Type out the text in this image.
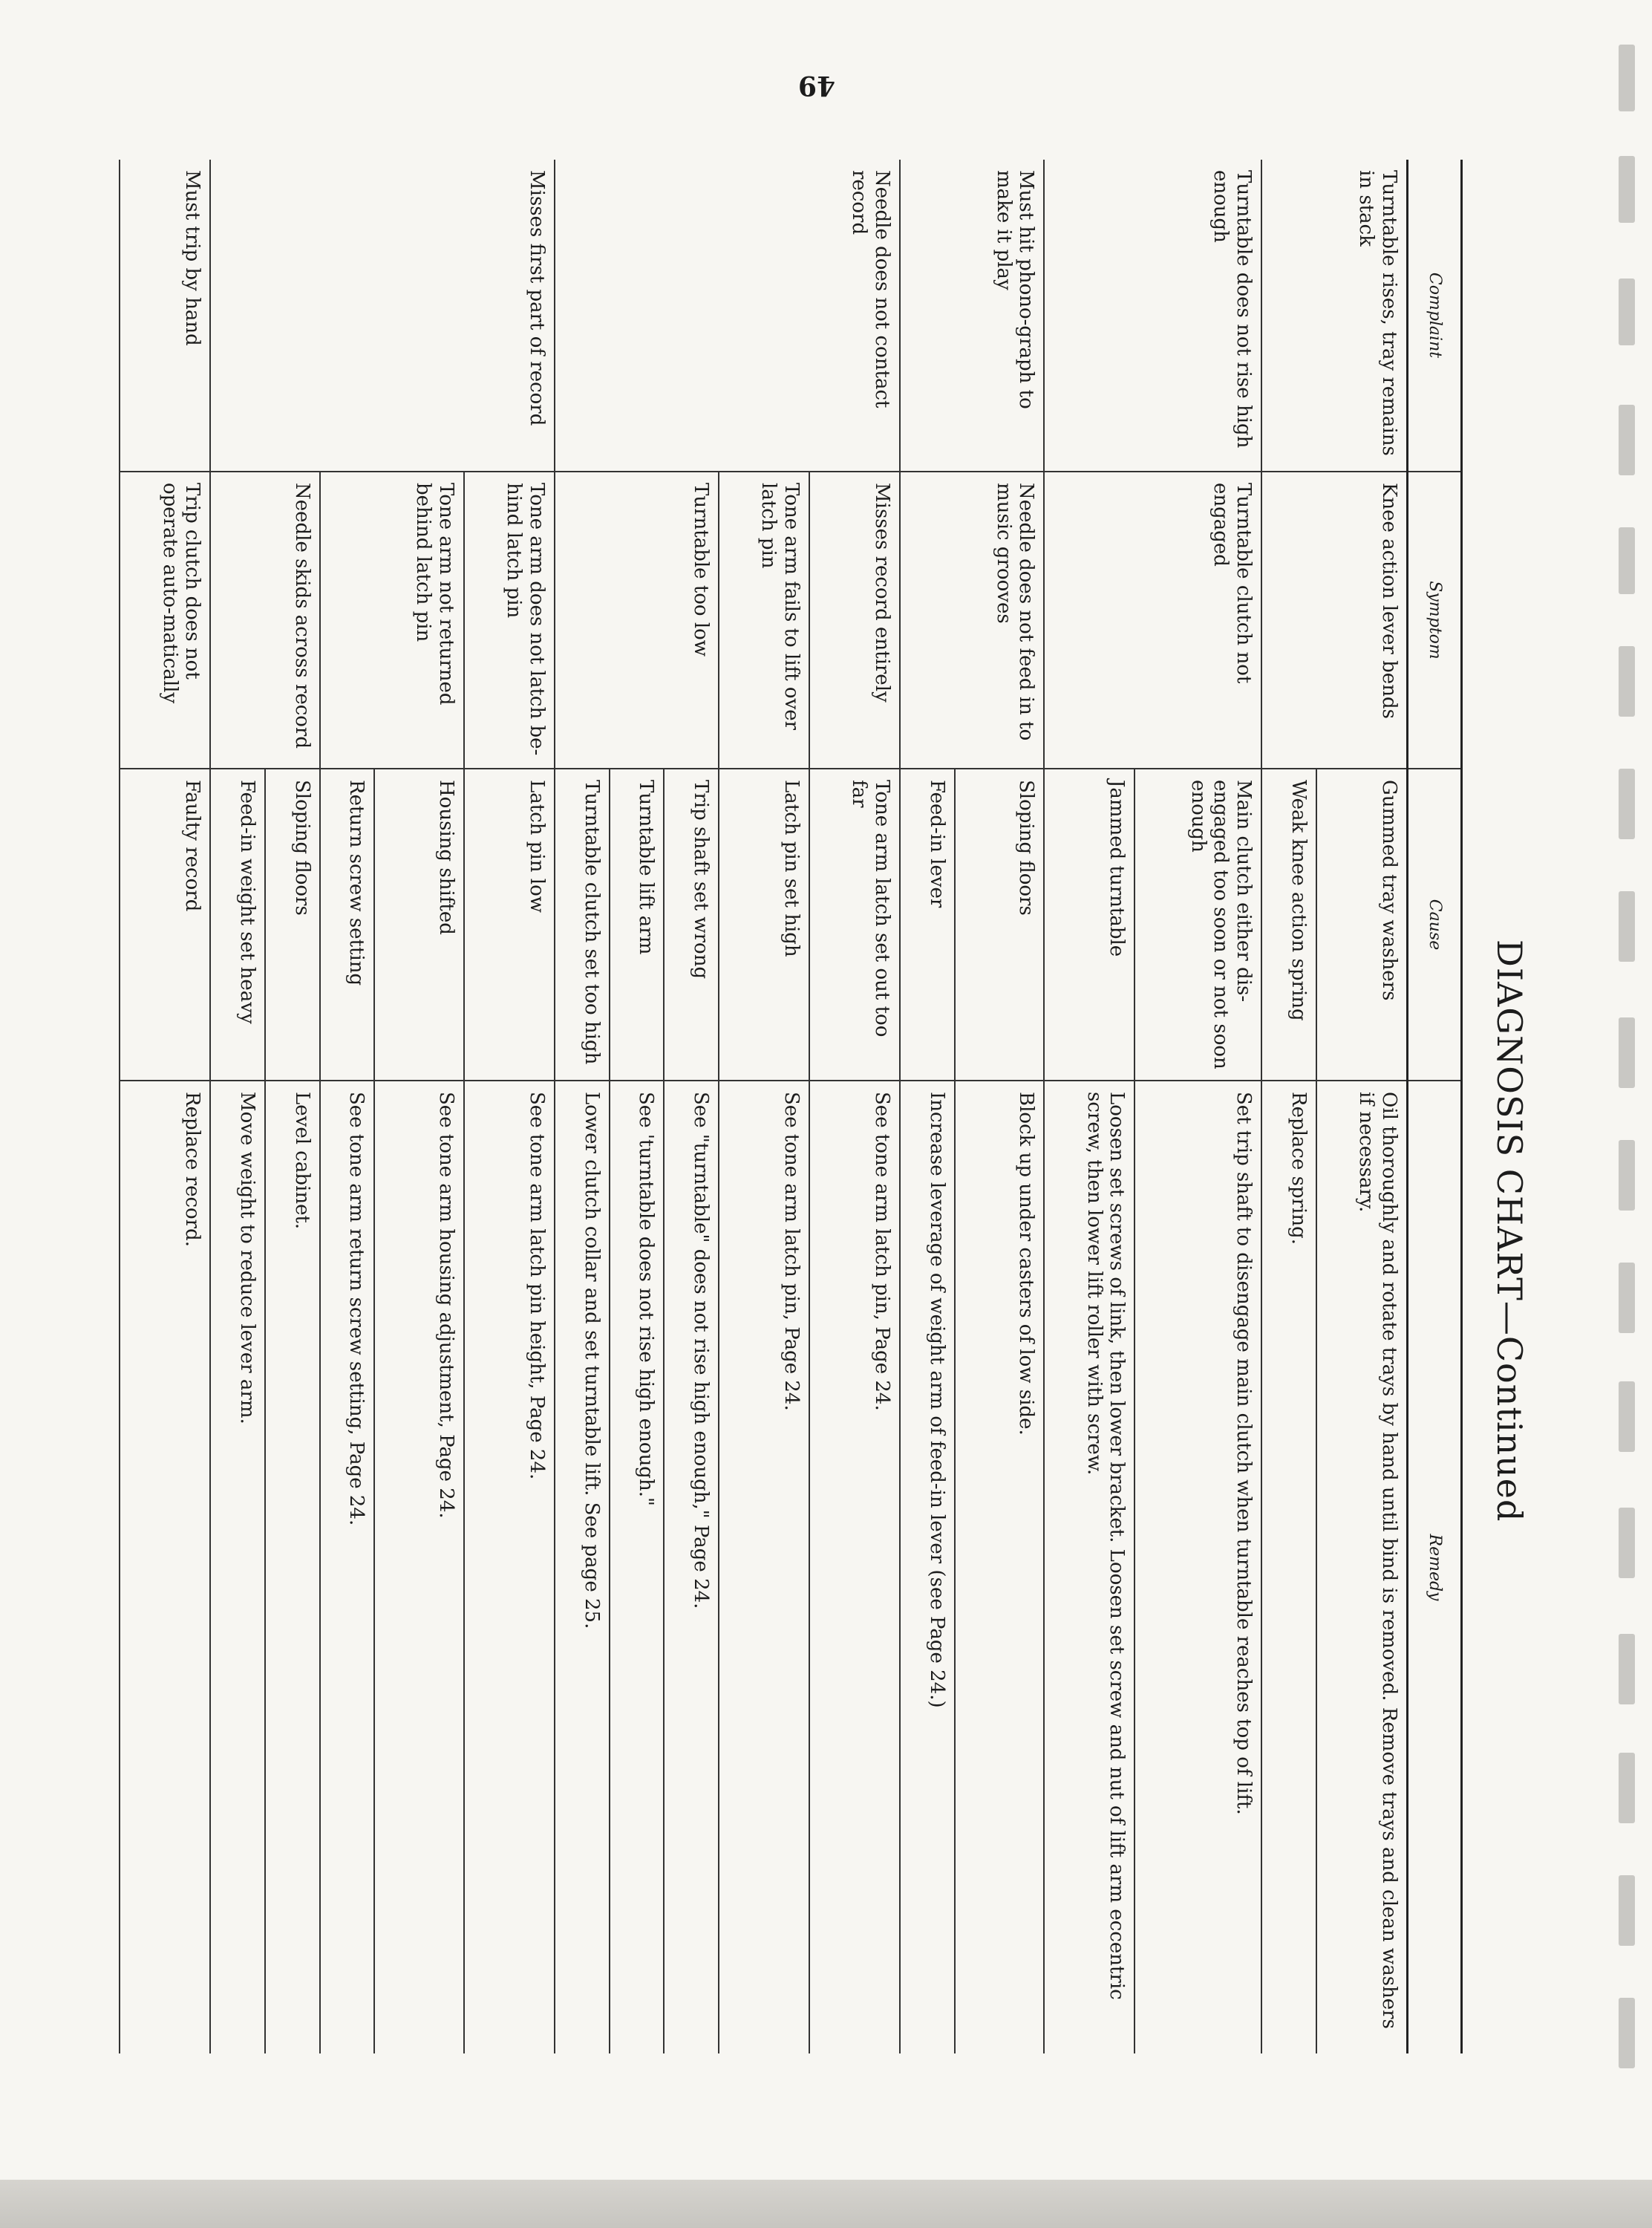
49
DIAGNOSIS CHART—Continued
Complaint	Symptom	Cause	Remedy
Turntable rises, tray remains in stack	Knee action lever bends	Gummed tray washers	Oil thoroughly and rotate trays by hand until bind is removed. Remove trays and clean washers if necessary.
		Weak knee action spring	Replace spring.
Turntable does not rise high enough	Turntable clutch not engaged	Main clutch either dis-engaged too soon or not soon enough	Set trip shaft to disengage main clutch when turntable reaches top of lift.
		Jammed turntable	Loosen set screws of link, then lower bracket. Loosen set screw and nut of lift arm eccentric screw, then lower lift roller with screw.
Must hit phono-graph to make it play	Needle does not feed in to music grooves	Sloping floors	Block up under casters of low side.
		Feed-in lever	Increase leverage of weight arm of feed-in lever (see Page 24.)
Needle does not contact record	Misses record entirely	Tone arm latch set out too far	See tone arm latch pin, Page 24.
	Tone arm fails to lift over latch pin	Latch pin set high	See tone arm latch pin, Page 24.
	Turntable too low	Trip shaft set wrong	See "turntable" does not rise high enough," Page 24.
		Turntable lift arm	See 'turntable does not rise high enough."
		Turntable clutch set too high	Lower clutch collar and set turntable lift. See page 25.
Misses first part of record	Tone arm does not latch be-hind latch pin	Latch pin low	See tone arm latch pin height, Page 24.
	Tone arm not returned behind latch pin	Housing shifted	See tone arm housing adjustment, Page 24.
		Return screw setting	See tone arm return screw setting, Page 24.
	Needle skids across record	Sloping floors	Level cabinet.
		Feed-in weight set heavy	Move weight to reduce lever arm.
Must trip by hand	Trip clutch does not operate auto-matically	Faulty record	Replace record.
